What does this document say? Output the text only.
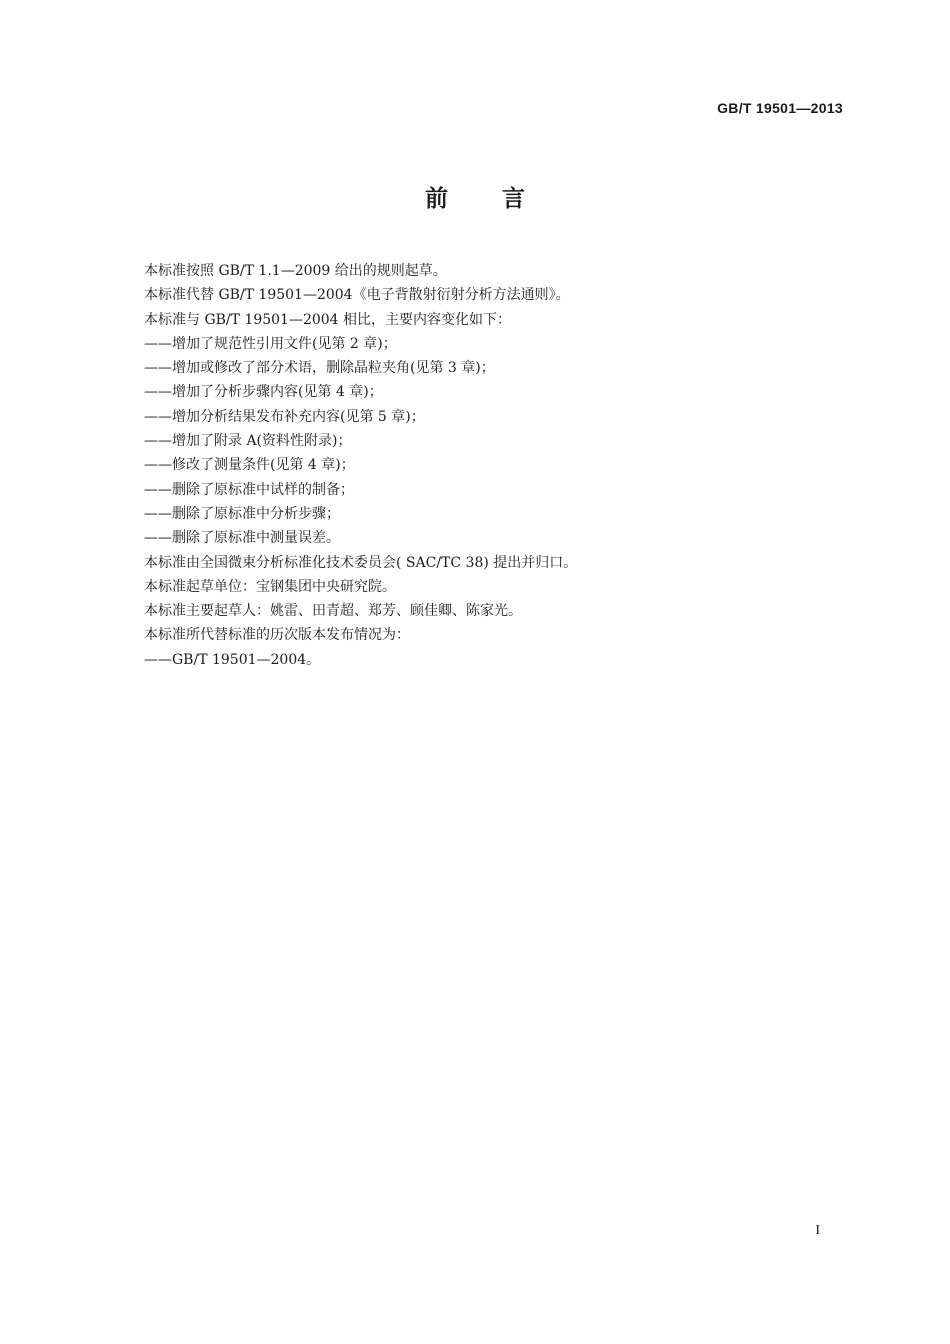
GB/T 19501—2013
前言
本标准按照 GB/T 1.1—2009 给出的规则起草。
本标准代替 GB/T 19501—2004《电子背散射衍射分析方法通则》。
本标准与 GB/T 19501—2004 相比，主要内容变化如下：
——增加了规范性引用文件(见第 2 章)；
——增加或修改了部分术语，删除晶粒夹角(见第 3 章)；
——增加了分析步骤内容(见第 4 章)；
——增加分析结果发布补充内容(见第 5 章)；
——增加了附录 A(资料性附录)；
——修改了测量条件(见第 4 章)；
——删除了原标准中试样的制备；
——删除了原标准中分析步骤；
——删除了原标准中测量误差。
本标准由全国微束分析标准化技术委员会( SAC/TC 38) 提出并归口。
本标准起草单位：宝钢集团中央研究院。
本标准主要起草人：姚雷、田青超、郑芳、顾佳卿、陈家光。
本标准所代替标准的历次版本发布情况为：
——GB/T 19501—2004。
I
